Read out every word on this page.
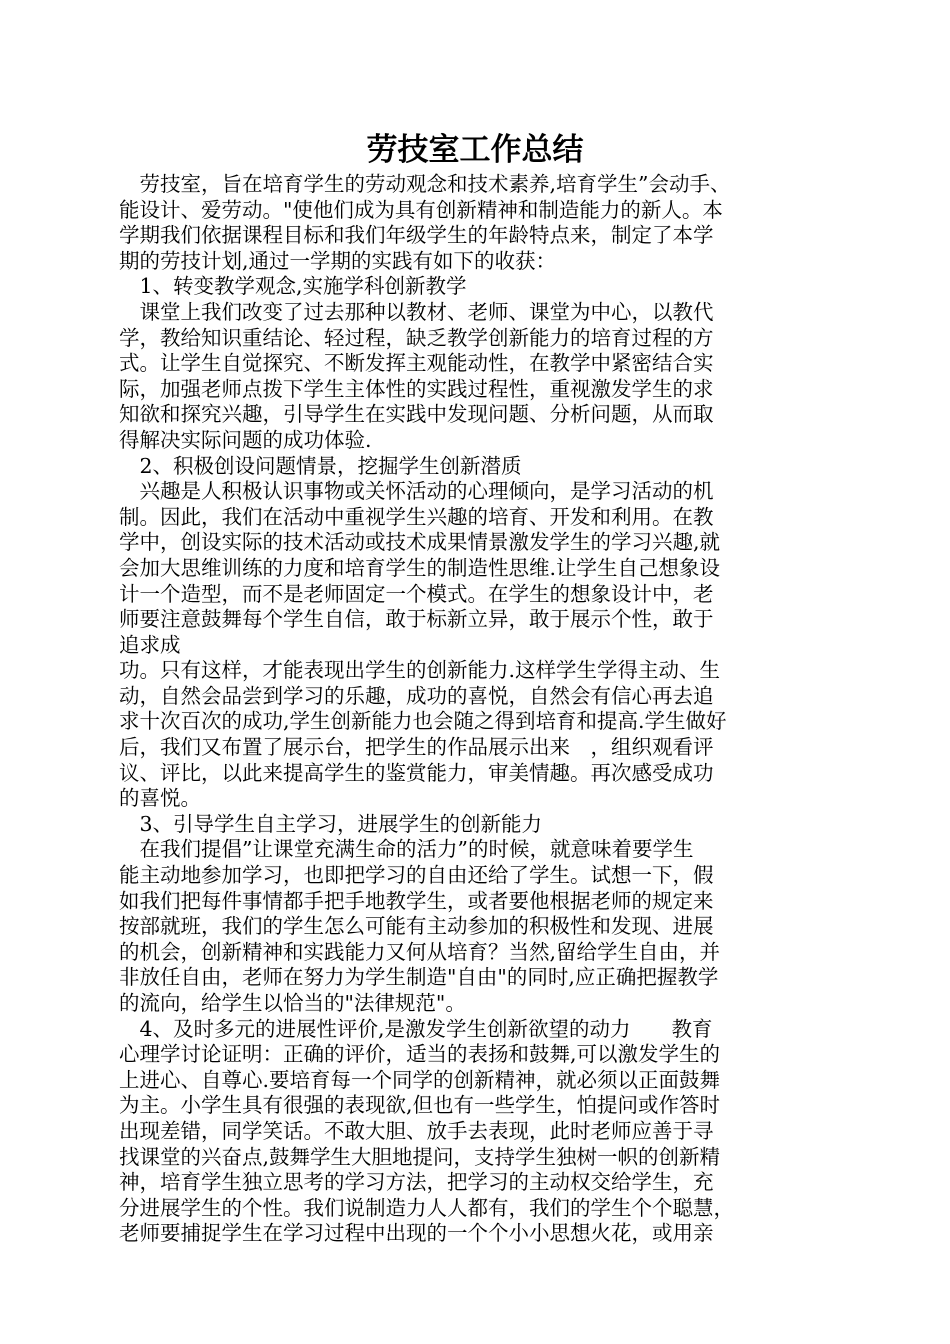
劳技室工作总结
　劳技室，旨在培育学生的劳动观念和技术素养,培育学生”会动手、
能设计、爱劳动。"使他们成为具有创新精神和制造能力的新人。本
学期我们依据课程目标和我们年级学生的年龄特点来，制定了本学
期的劳技计划,通过一学期的实践有如下的收获：
　1、转变教学观念,实施学科创新教学
　课堂上我们改变了过去那种以教材、老师、课堂为中心，以教代
学，教给知识重结论、轻过程，缺乏教学创新能力的培育过程的方
式。让学生自觉探究、不断发挥主观能动性，在教学中紧密结合实
际，加强老师点拨下学生主体性的实践过程性，重视激发学生的求
知欲和探究兴趣，引导学生在实践中发现问题、分析问题，从而取
得解决实际问题的成功体验.
　2、积极创设问题情景，挖掘学生创新潜质
　兴趣是人积极认识事物或关怀活动的心理倾向，是学习活动的机
制。因此，我们在活动中重视学生兴趣的培育、开发和利用。在教
学中，创设实际的技术活动或技术成果情景激发学生的学习兴趣,就
会加大思维训练的力度和培育学生的制造性思维.让学生自己想象设
计一个造型，而不是老师固定一个模式。在学生的想象设计中，老
师要注意鼓舞每个学生自信，敢于标新立异，敢于展示个性，敢于
追求成
功。只有这样，才能表现出学生的创新能力.这样学生学得主动、生
动，自然会品尝到学习的乐趣，成功的喜悦，自然会有信心再去追
求十次百次的成功,学生创新能力也会随之得到培育和提高.学生做好
后，我们又布置了展示台，把学生的作品展示出来　，组织观看评
议、评比，以此来提高学生的鉴赏能力，审美情趣。再次感受成功
的喜悦。
　3、引导学生自主学习，进展学生的创新能力
　在我们提倡”让课堂充满生命的活力”的时候，就意味着要学生
能主动地参加学习，也即把学习的自由还给了学生。试想一下，假
如我们把每件事情都手把手地教学生，或者要他根据老师的规定来
按部就班，我们的学生怎么可能有主动参加的积极性和发现、进展
的机会，创新精神和实践能力又何从培育？当然,留给学生自由，并
非放任自由，老师在努力为学生制造"自由"的同时,应正确把握教学
的流向，给学生以恰当的"法律规范"。
　4、及时多元的进展性评价,是激发学生创新欲望的动力　　教育
心理学讨论证明：正确的评价，适当的表扬和鼓舞,可以激发学生的
上进心、自尊心.要培育每一个同学的创新精神，就必须以正面鼓舞
为主。小学生具有很强的表现欲,但也有一些学生，怕提问或作答时
出现差错，同学笑话。不敢大胆、放手去表现，此时老师应善于寻
找课堂的兴奋点,鼓舞学生大胆地提问，支持学生独树一帜的创新精
神，培育学生独立思考的学习方法，把学习的主动权交给学生，充
分进展学生的个性。我们说制造力人人都有，我们的学生个个聪慧，
老师要捕捉学生在学习过程中出现的一个个小小思想火花，或用亲
